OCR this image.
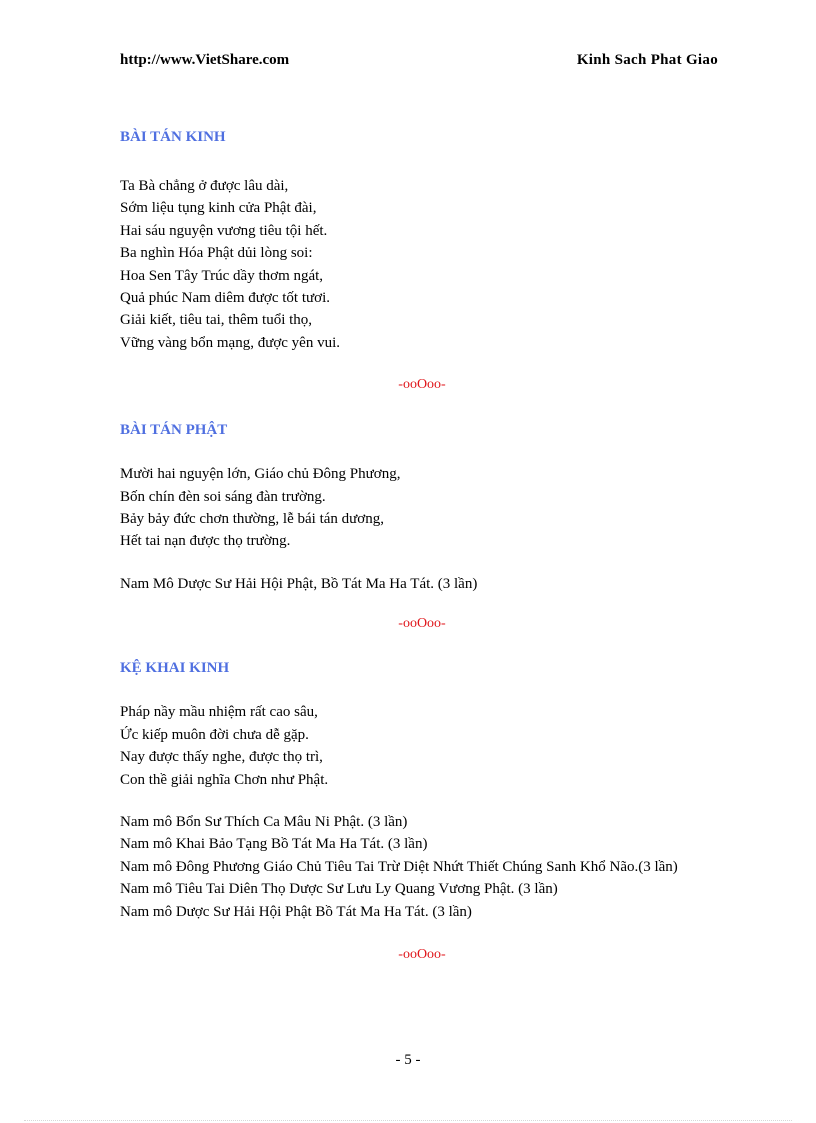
http://www.VietShare.com	Kinh Sach Phat Giao
BÀI TÁN KINH
Ta Bà chẳng ở được lâu dài,
Sớm liệu tụng kinh cửa Phật đài,
Hai sáu nguyện vương tiêu tội hết.
Ba nghìn Hóa Phật dủi lòng soi:
Hoa Sen Tây Trúc dầy thơm ngát,
Quả phúc Nam diêm được tốt tươi.
Giải kiết, tiêu tai, thêm tuổi thọ,
Vững vàng bổn mạng, được yên vui.
-ooOoo-
BÀI TÁN PHẬT
Mười hai nguyện lớn, Giáo chủ Đông Phương,
Bốn chín đèn soi sáng đàn trường.
Bảy bảy đức chơn thường, lễ bái tán dương,
Hết tai nạn được thọ trường.
Nam Mô Dược Sư Hải Hội Phật, Bồ Tát Ma Ha Tát. (3 lần)
-ooOoo-
KỆ KHAI KINH
Pháp nầy mầu nhiệm rất cao sâu,
Ức kiếp muôn đời chưa dễ gặp.
Nay được thấy nghe, được thọ trì,
Con thề giải nghĩa Chơn như Phật.
Nam mô Bổn Sư Thích Ca Mâu Ni Phật. (3 lần)
Nam mô Khai Bảo Tạng Bồ Tát Ma Ha Tát. (3 lần)
Nam mô Đông Phương Giáo Chủ Tiêu Tai Trừ Diệt Nhứt Thiết Chúng Sanh Khổ Não.(3 lần)
Nam mô Tiêu Tai Diên Thọ Dược Sư Lưu Ly Quang Vương Phật. (3 lần)
Nam mô Dược Sư Hải Hội Phật Bồ Tát Ma Ha Tát. (3 lần)
-ooOoo-
- 5 -
